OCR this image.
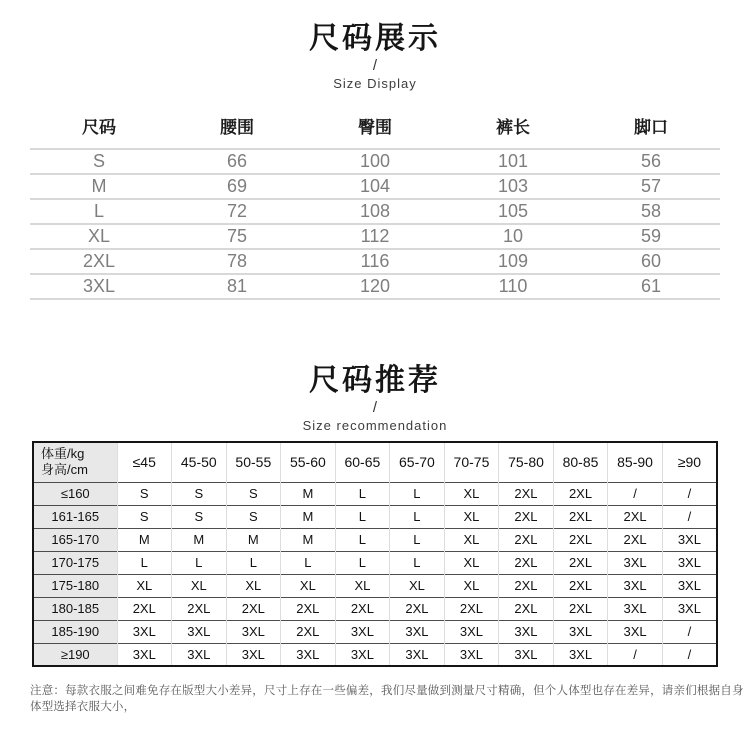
尺码展示
/
Size Display
尺码	腰围	臀围	裤长	脚口
S	66	100	101	56
M	69	104	103	57
L	72	108	105	58
XL	75	112	10	59
2XL	78	116	109	60
3XL	81	120	110	61
尺码推荐
/
Size recommendation
体重/kg
身高/cm	≤45	45-50	50-55	55-60	60-65	65-70	70-75	75-80	80-85	85-90	≥90
≤160	S	S	S	M	L	L	XL	2XL	2XL	/	/
161-165	S	S	S	M	L	L	XL	2XL	2XL	2XL	/
165-170	M	M	M	M	L	L	XL	2XL	2XL	2XL	3XL
170-175	L	L	L	L	L	L	XL	2XL	2XL	3XL	3XL
175-180	XL	XL	XL	XL	XL	XL	XL	2XL	2XL	3XL	3XL
180-185	2XL	2XL	2XL	2XL	2XL	2XL	2XL	2XL	2XL	3XL	3XL
185-190	3XL	3XL	3XL	2XL	3XL	3XL	3XL	3XL	3XL	3XL	/
≥190	3XL	3XL	3XL	3XL	3XL	3XL	3XL	3XL	3XL	/	/
注意：每款衣服之间难免存在版型大小差异，尺寸上存在一些偏差，我们尽量做到测量尺寸精确，但个人体型也存在差异，请亲们根据自身体型选择衣服大小，
